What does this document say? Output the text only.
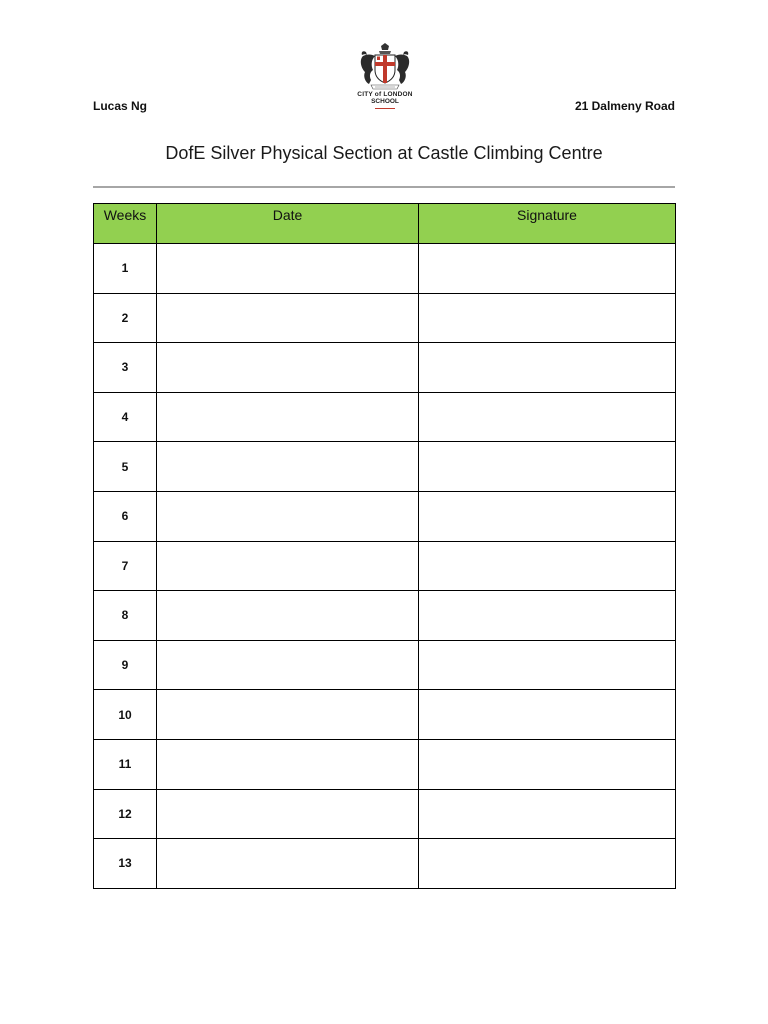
CITY of LONDON
SCHOOL
Lucas Ng	21 Dalmeny Road
DofE Silver Physical Section at Castle Climbing Centre
Weeks	Date	Signature
1		
2		
3		
4		
5		
6		
7		
8		
9		
10		
11		
12		
13		
